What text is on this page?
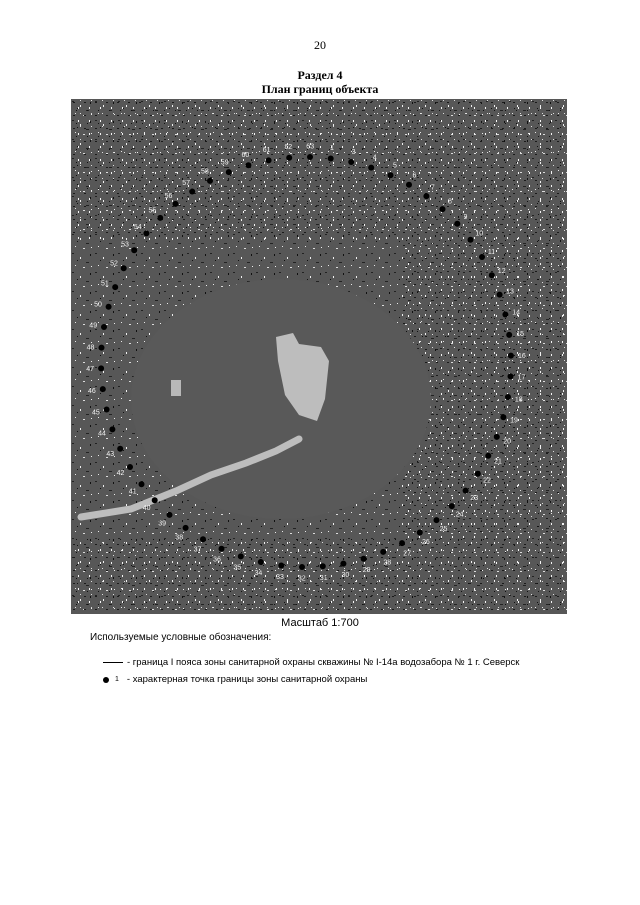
20
Раздел 4
План границ объекта
1
3
4
5
6
7
8
9
10
11
12
13
14
15
16
17
18
19
20
21
22
23
24
25
26
27
28
29
30
31
32
33
34
35
36
37
38
39
40
41
42
43
44
45
46
47
48
49
50
51
52
53
54
55
56
57
58
59
60
61 62 63
Масштаб 1:700
Используемые условные обозначения:
- граница I пояса зоны санитарной охраны скважины № I-14а водозабора № 1 г. Северск
1 - характерная точка границы зоны санитарной охраны
